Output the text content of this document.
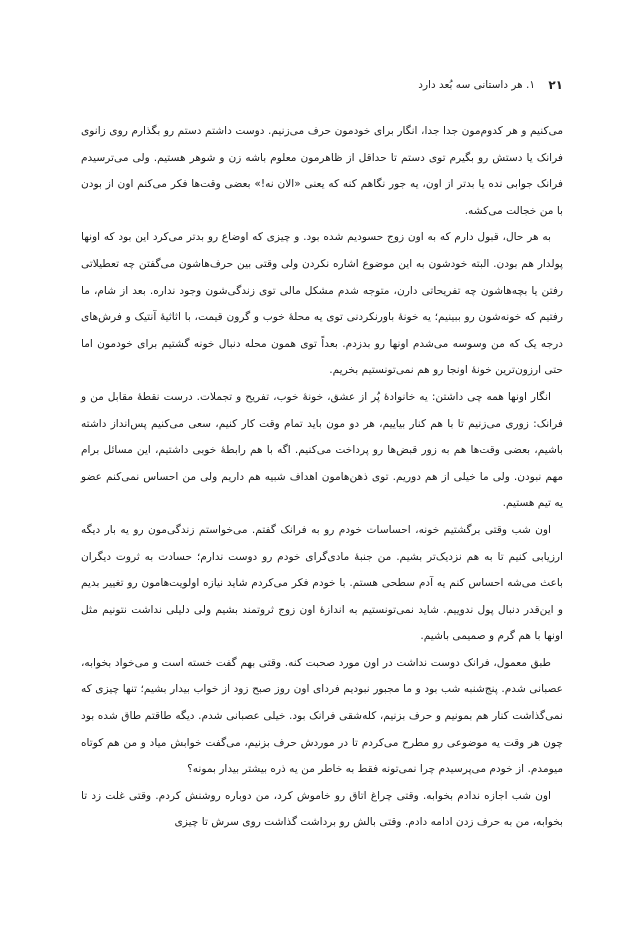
۲۱
۱. هر داستانی سه بُعد دارد

می‌کنیم و هر کدوم‌مون جدا جدا، انگار برای خودمون حرف می‌زنیم. دوست داشتم دستم رو بگذارم روی زانوی فرانک یا دستش رو بگیرم توی دستم تا حداقل از ظاهرمون معلوم باشه زن و شوهر هستیم. ولی می‌ترسیدم فرانک جوابی نده یا بدتر از اون، یه جور نگاهم کنه که یعنی «الان نه!» بعضی وقت‌ها فکر می‌کنم اون از بودن با من خجالت می‌کشه.

به هر حال، قبول دارم که به اون زوج حسودیم شده بود. و چیزی که اوضاع رو بدتر می‌کرد این بود که اونها پولدار هم بودن. البته خودشون به این موضوع اشاره نکردن ولی وقتی بین حرف‌هاشون می‌گفتن چه تعطیلاتی رفتن یا بچه‌هاشون چه تفریحاتی دارن، متوجه شدم مشکل مالی توی زندگی‌شون وجود نداره. بعد از شام، ما رفتیم که خونه‌شون رو ببینیم؛ یه خونهٔ باورنکردنی توی یه محلهٔ خوب و گرون قیمت، با اثاثیهٔ آنتیک و فرش‌های درجه یک که من وسوسه می‌شدم اونها رو بدزدم. بعداً توی همون محله دنبال خونه گشتیم برای خودمون اما حتی ارزون‌ترین خونهٔ اونجا رو هم نمی‌تونستیم بخریم.

انگار اونها همه چی داشتن: یه خانوادهٔ پُر از عشق، خونهٔ خوب، تفریح و تجملات. درست نقطهٔ مقابل من و فرانک: زوری می‌زنیم تا با هم کنار بیاییم، هر دو مون باید تمام وقت کار کنیم، سعی می‌کنیم پس‌انداز داشته باشیم، بعضی وقت‌ها هم به زور قبض‌ها رو پرداخت می‌کنیم. اگه با هم رابطهٔ خوبی داشتیم، این مسائل برام مهم نبودن. ولی ما خیلی از هم دوریم. توی ذهن‌هامون اهداف شبیه هم داریم ولی من احساس نمی‌کنم عضو یه تیم هستیم.

اون شب وقتی برگشتیم خونه، احساسات خودم رو به فرانک گفتم. می‌خواستم زندگی‌مون رو یه بار دیگه ارزیابی کنیم تا به هم نزدیک‌تر بشیم. من جنبهٔ مادی‌گرای خودم رو دوست ندارم؛ حسادت به ثروت دیگران باعث می‌شه احساس کنم یه آدم سطحی هستم. با خودم فکر می‌کردم شاید نیازه اولویت‌هامون رو تغییر بدیم و این‌قدر دنبال پول ندوییم. شاید نمی‌تونستیم به اندازهٔ اون زوج ثروتمند بشیم ولی دلیلی نداشت نتونیم مثل اونها با هم گرم و صمیمی باشیم.

طبق معمول، فرانک دوست نداشت در اون مورد صحبت کنه. وقتی بهم گفت خسته است و می‌خواد بخوابه، عصبانی شدم. پنج‌شنبه شب بود و ما مجبور نبودیم فردای اون روز صبح زود از خواب بیدار بشیم؛ تنها چیزی که نمی‌گذاشت کنار هم بمونیم و حرف بزنیم، کله‌شقی فرانک بود. خیلی عصبانی شدم. دیگه طاقتم طاق شده بود چون هر وقت یه موضوعی رو مطرح می‌کردم تا در موردش حرف بزنیم، می‌گفت خوابش میاد و من هم کوتاه میومدم. از خودم می‌پرسیدم چرا نمی‌تونه فقط به خاطر من یه ذره بیشتر بیدار بمونه؟

اون شب اجازه ندادم بخوابه. وقتی چراغ اتاق رو خاموش کرد، من دوباره روشنش کردم. وقتی غلت زد تا بخوابه، من به حرف زدن ادامه دادم. وقتی بالش رو برداشت گذاشت روی سرش تا چیزی
